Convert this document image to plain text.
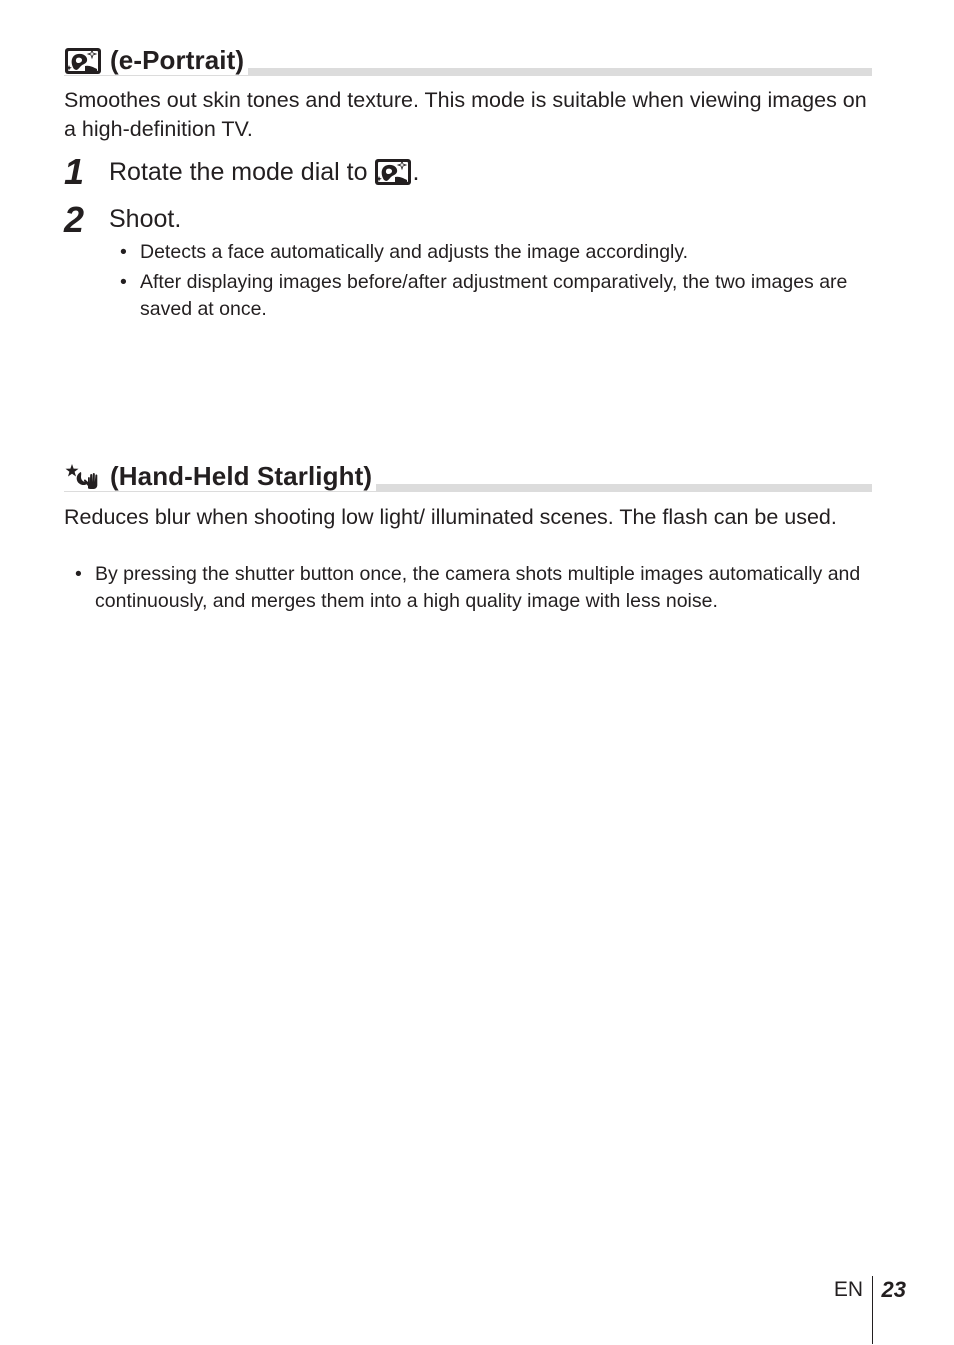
(e-Portrait)
Smoothes out skin tones and texture. This mode is suitable when viewing images on a high-definition TV.
1 Rotate the mode dial to .
2 Shoot.
• Detects a face automatically and adjusts the image accordingly.
• After displaying images before/after adjustment comparatively, the two images are saved at once.
(Hand-Held Starlight)
Reduces blur when shooting low light/ illuminated scenes. The flash can be used.
• By pressing the shutter button once, the camera shots multiple images automatically and continuously, and merges them into a high quality image with less noise.
EN 23
